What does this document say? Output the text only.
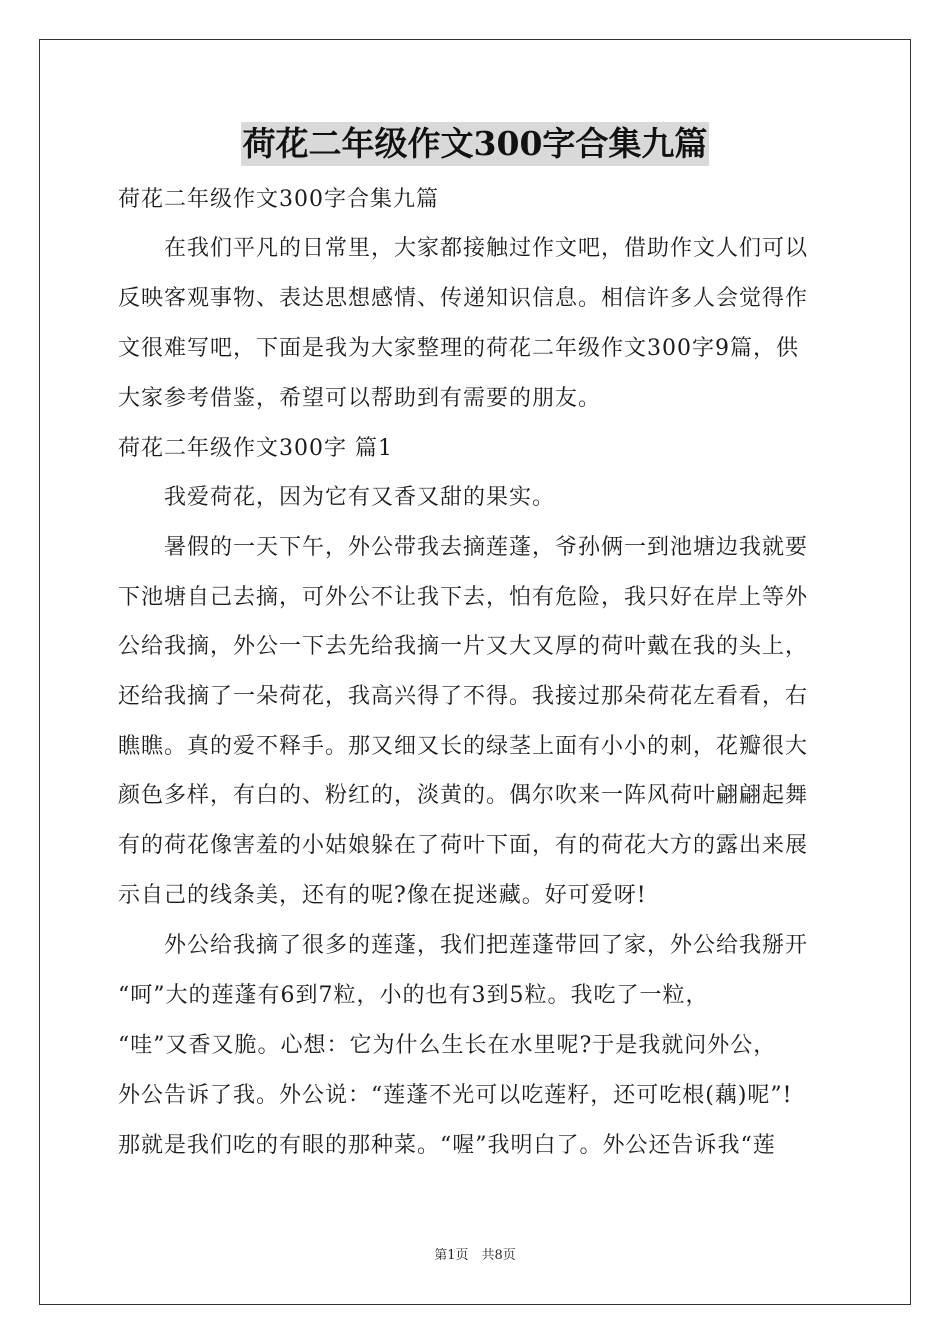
荷花二年级作文300字合集九篇
荷花二年级作文300字合集九篇
　　在我们平凡的日常里，大家都接触过作文吧，借助作文人们可以
反映客观事物、表达思想感情、传递知识信息。相信许多人会觉得作
文很难写吧，下面是我为大家整理的荷花二年级作文300字9篇，供
大家参考借鉴，希望可以帮助到有需要的朋友。
荷花二年级作文300字 篇1
　　我爱荷花，因为它有又香又甜的果实。
　　暑假的一天下午，外公带我去摘莲蓬，爷孙俩一到池塘边我就要
下池塘自己去摘，可外公不让我下去，怕有危险，我只好在岸上等外
公给我摘，外公一下去先给我摘一片又大又厚的荷叶戴在我的头上，
还给我摘了一朵荷花，我高兴得了不得。我接过那朵荷花左看看，右
瞧瞧。真的爱不释手。那又细又长的绿茎上面有小小的刺，花瓣很大
颜色多样，有白的、粉红的，淡黄的。偶尔吹来一阵风荷叶翩翩起舞
有的荷花像害羞的小姑娘躲在了荷叶下面，有的荷花大方的露出来展
示自己的线条美，还有的呢?像在捉迷藏。好可爱呀!
　　外公给我摘了很多的莲蓬，我们把莲蓬带回了家，外公给我掰开
“呵”大的莲蓬有6到7粒，小的也有3到5粒。我吃了一粒，
“哇”又香又脆。心想：它为什么生长在水里呢?于是我就问外公，
外公告诉了我。外公说：“莲蓬不光可以吃莲籽，还可吃根(藕)呢”!
那就是我们吃的有眼的那种菜。“喔”我明白了。外公还告诉我“莲
第1页　共8页
